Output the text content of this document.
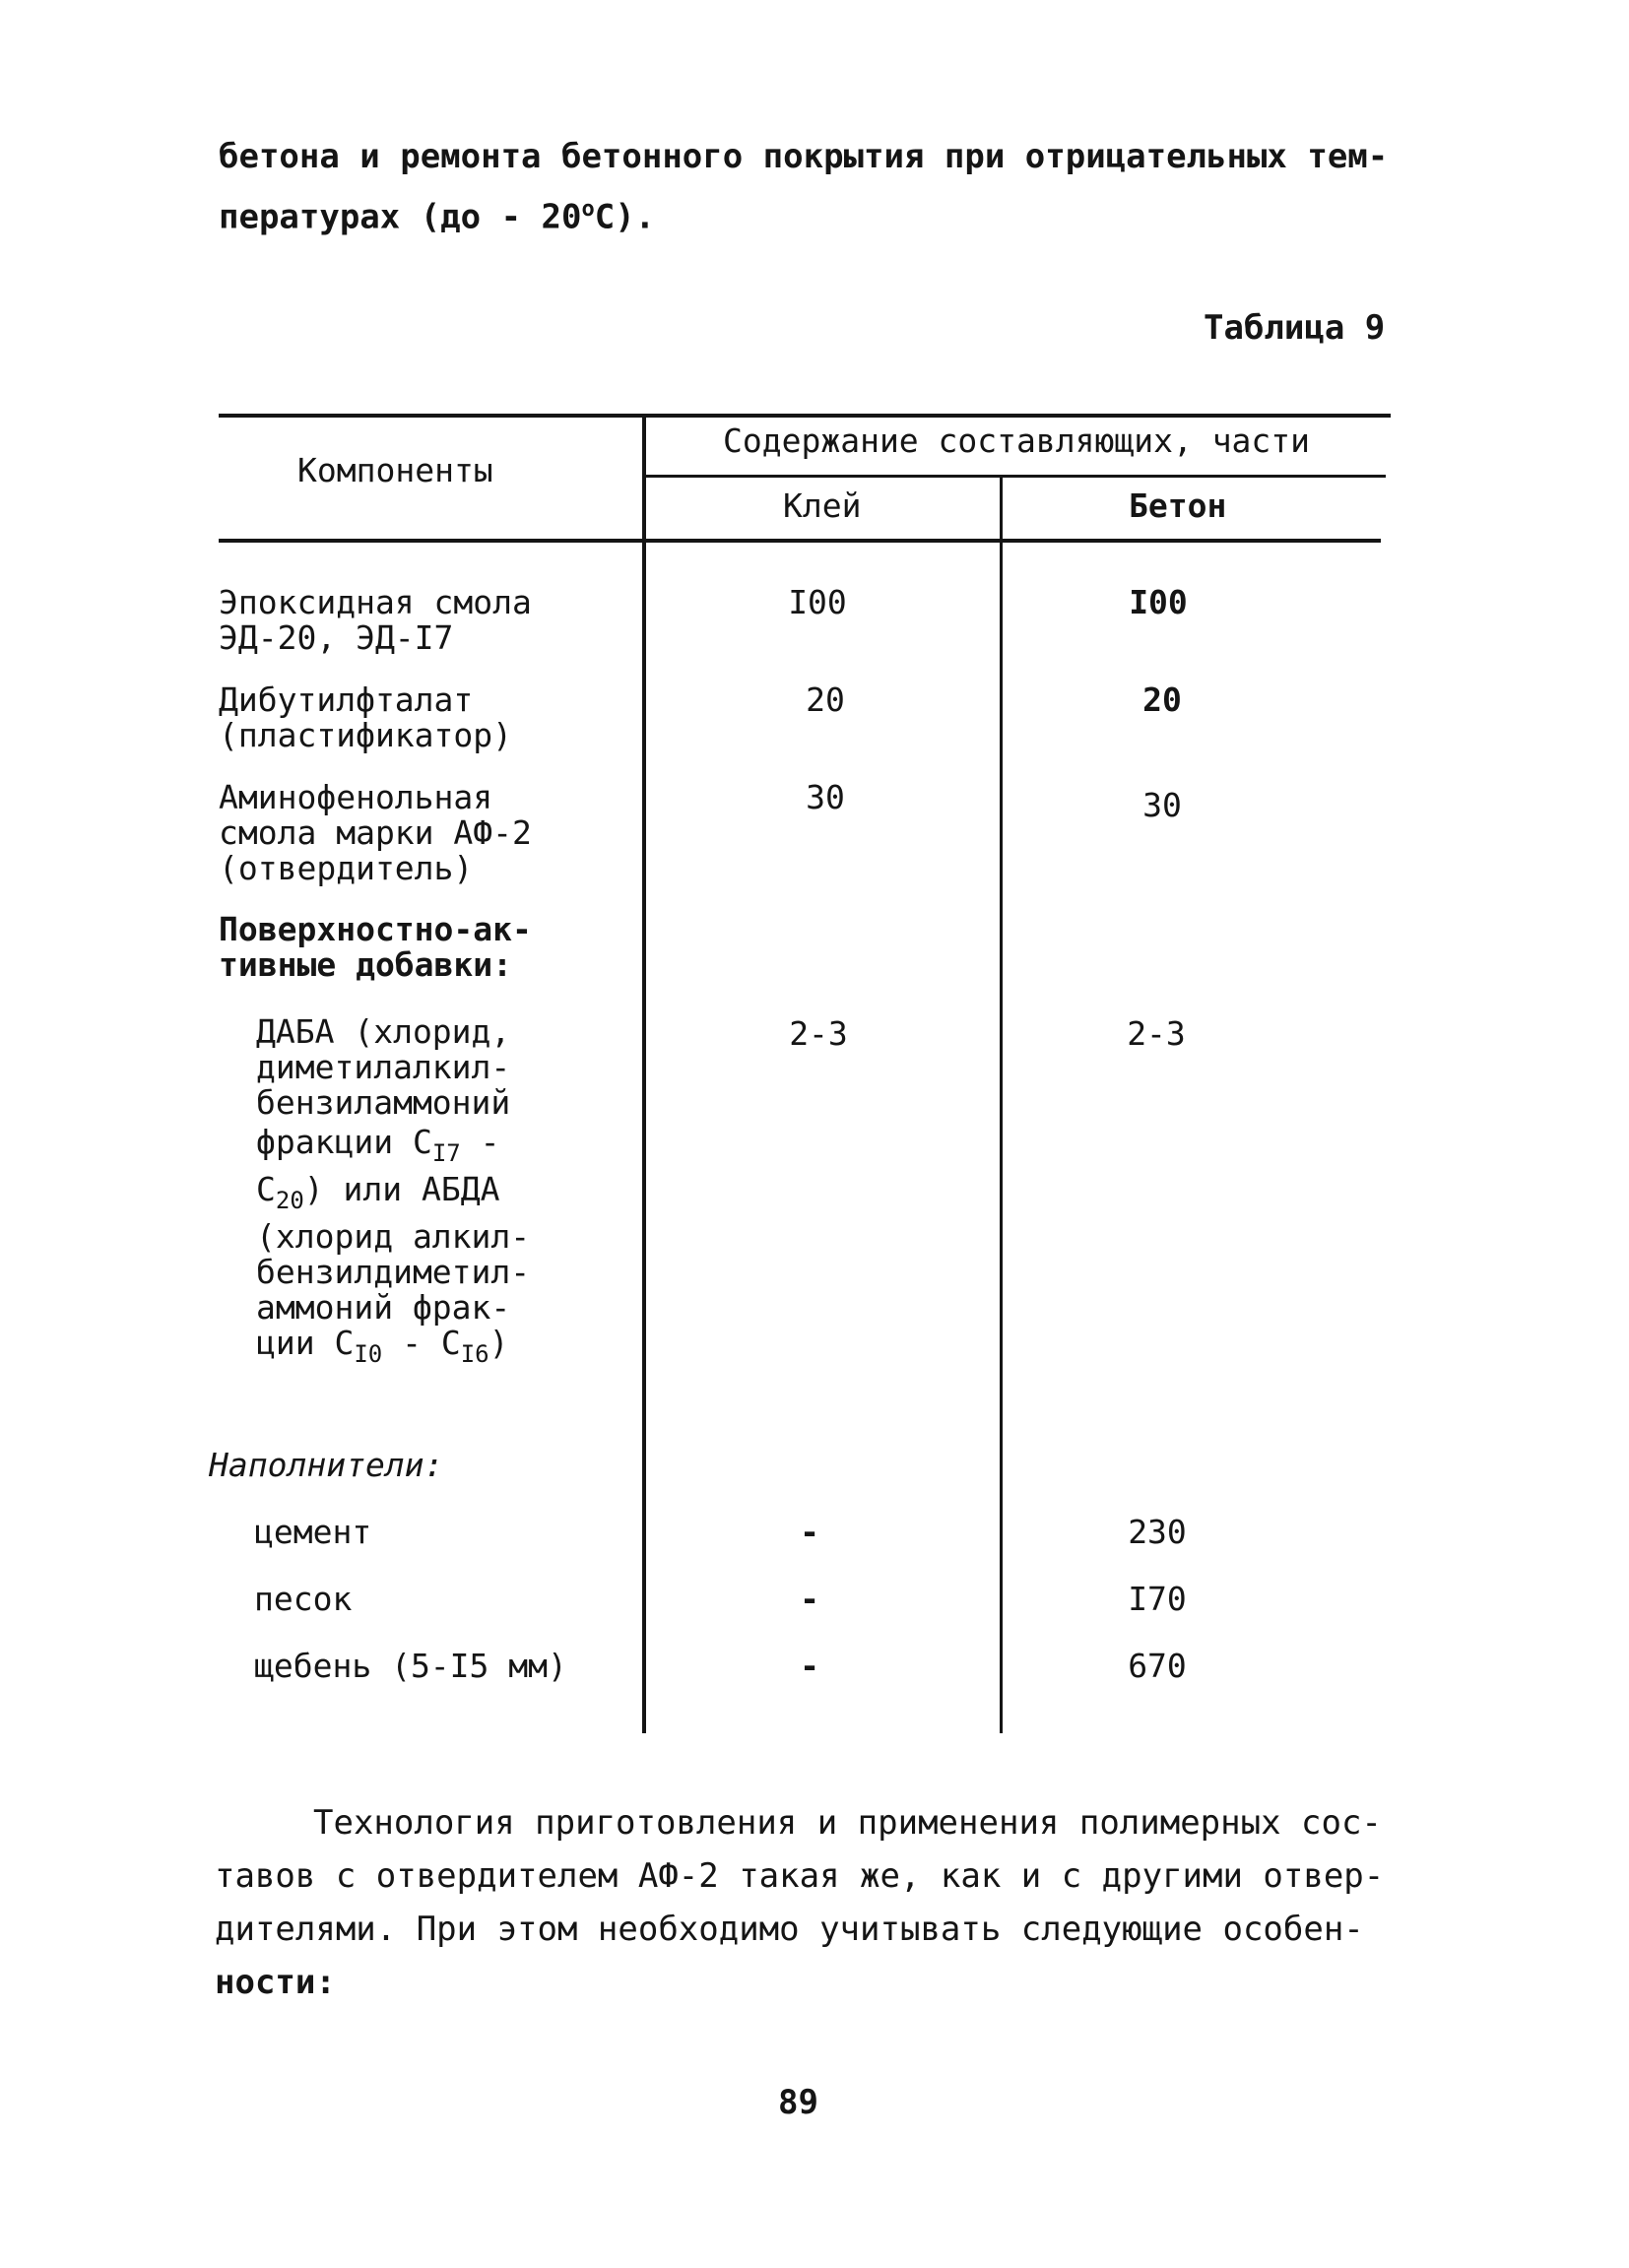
бетона и ремонта бетонного покрытия при отрицательных тем-
пературах $(до - 20^оС)$.
Таблица 9
Компоненты
Содержание составляющих, части
Клей	Бетон
Эпоксидная смола
ЭД-20, ЭД-I7
I00	I00
Дибутилфталат
(пластификатор)
20	20
Аминофенольная
смола марки АФ-2
(отвердитель)
30	30
Поверхностно-ак-
тивные добавки:
ДАБА (хлорид,
диметилалкил-
бензиламмоний
фракции $С_{I7}$ -
$С_{20}$) или АБДА
(хлорид алкил-
бензилдиметил-
аммоний фрак-
ции $С_{I0} - С_{I6}$)
2-3	2-3
Наполнители:
цемент	-	230
песок	-	I70
щебень (5-I5 мм)	-	670
Технология приготовления и применения полимерных сос-
тавов с отвердителем АФ-2 такая же, как и с другими отвер-
дителями. При этом необходимо учитывать следующие особен-
ности:
89
